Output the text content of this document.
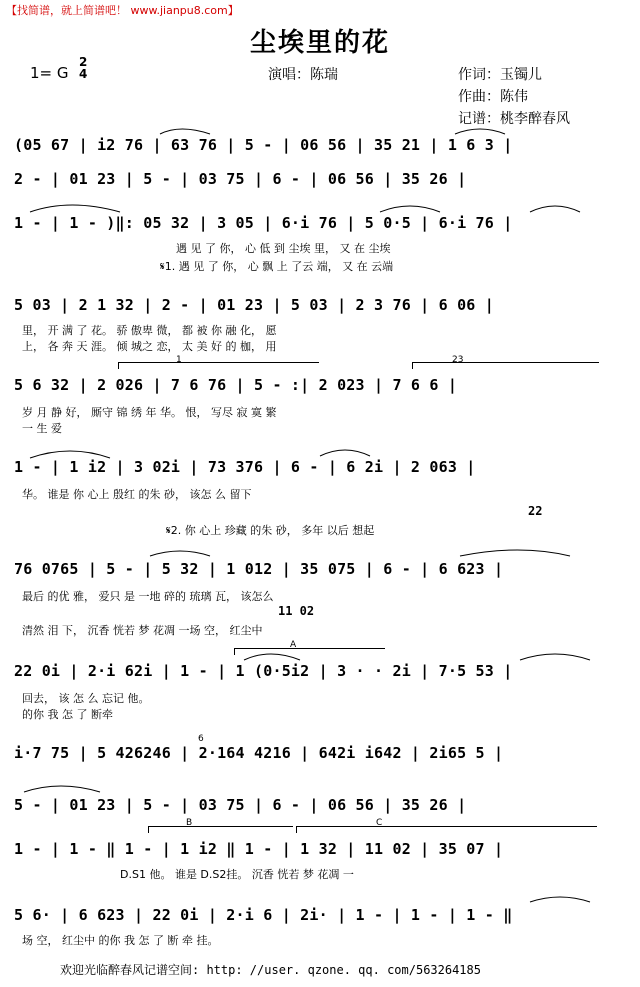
【找简谱，就上简谱吧！ www.jianpu8.com】
尘埃里的花
1= G
2
4	演唱：陈瑞	作词：玉镯儿
作曲：陈伟
记谱：桃李醉春风
(05 67 | i2 76 | 63 76 | 5 - | 06 56 | 35 21 | 1 6 3 |
2 - | 01 23 | 5 - | 03 75 | 6 - | 06 56 | 35 26 |
1 - | 1 - )‖: 05 32 | 3 05 | 6·i 76 | 5 0·5 | 6·i 76 |
遇 见 了 你， 心 低 到 尘埃 里， 又 在 尘埃
𝄋1. 遇 见 了 你， 心 飘 上 了云 端， 又 在 云端
5 03 | 2 1 32 | 2 - | 01 23 | 5 03 | 2 3 76 | 6 06 |
里， 开 满 了 花。 骄 傲卑 微， 都 被 你 融 化， 愿
上， 各 奔 天 涯。 倾 城之 恋， 太 美 好 的 枷， 用
1	23
5 6 32 | 2 026 | 7 6 76 | 5 - :| 2 023 | 7 6 6 |
岁 月 静 好， 厮守 锦 绣 年 华。 恨， 写尽 寂 寞 繁
一 生 爱
1 - | 1 i2 | 3 02i | 73 376 | 6 - | 6 2i | 2 063 |
华。 谁是 你 心上 殷红 的朱 砂， 该怎 么 留下
22
𝄋2. 你 心上 珍藏 的朱 砂， 多年 以后 想起
76 0765 | 5 - | 5 32 | 1 012 | 35 075 | 6 - | 6 623 |
最后 的优 雅， 爱只 是 一地 碎的 琉璃 瓦， 该怎么
11 02
清然 泪 下， 沉香 恍若 梦 花凋 一场 空， 红尘中
A
22 0i | 2·i 62i | 1 - | 1 (0·5i2 | 3 · · 2i | 7·5 53 |
回去， 该 怎 么 忘记 他。
的你 我 怎 了 断牵
6
i·7 75 | 5 426246 | 2·164 4216 | 642i i642 | 2i65 5 |
5 - | 01 23 | 5 - | 03 75 | 6 - | 06 56 | 35 26 |
B	C
1 - | 1 - ‖ 1 - | 1 i2 ‖ 1 - | 1 32 | 11 02 | 35 07 |
D.S1 他。 谁是 D.S2挂。 沉香 恍若 梦 花凋 一
5 6· | 6 623 | 22 0i | 2·i 6 | 2i· | 1 - | 1 - | 1 - ‖
场 空， 红尘中 的你 我 怎 了 断 牵 挂。
欢迎光临醉春风记谱空间: http: //user. qzone. qq. com/563264185
